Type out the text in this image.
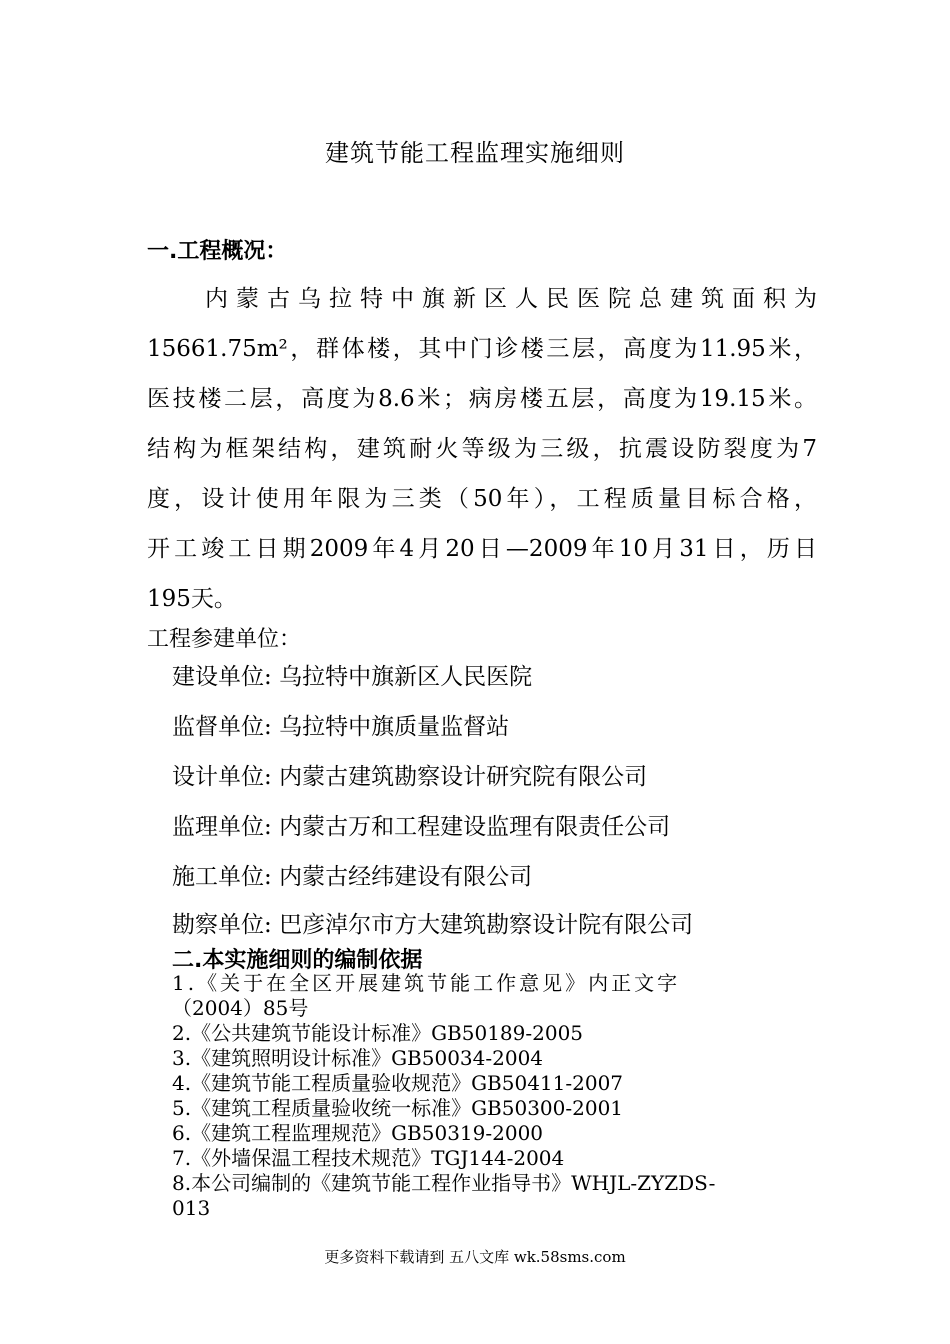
建筑节能工程监理实施细则
一.工程概况：
内蒙古乌拉特中旗新区人民医院总建筑面积为
15661.75m²，群体楼，其中门诊楼三层，高度为11.95米，
医技楼二层，高度为8.6米；病房楼五层，高度为19.15米。
结构为框架结构，建筑耐火等级为三级，抗震设防裂度为7
度，设计使用年限为三类（50年），工程质量目标合格，
开工竣工日期2009年4月20日—2009年10月31日，历日
195天。
工程参建单位：
建设单位: 乌拉特中旗新区人民医院
监督单位: 乌拉特中旗质量监督站
设计单位: 内蒙古建筑勘察设计研究院有限公司
监理单位: 内蒙古万和工程建设监理有限责任公司
施工单位: 内蒙古经纬建设有限公司
勘察单位: 巴彦淖尔市方大建筑勘察设计院有限公司
二.本实施细则的编制依据
1.《关于在全区开展建筑节能工作意见》内正文字
（2004）85号
2.《公共建筑节能设计标准》GB50189-2005
3.《建筑照明设计标准》GB50034-2004
4.《建筑节能工程质量验收规范》GB50411-2007
5.《建筑工程质量验收统一标准》GB50300-2001
6.《建筑工程监理规范》GB50319-2000
7.《外墙保温工程技术规范》TGJ144-2004
8.本公司编制的《建筑节能工程作业指导书》WHJL-ZYZDS-
013
更多资料下载请到 五八文库 wk.58sms.com
